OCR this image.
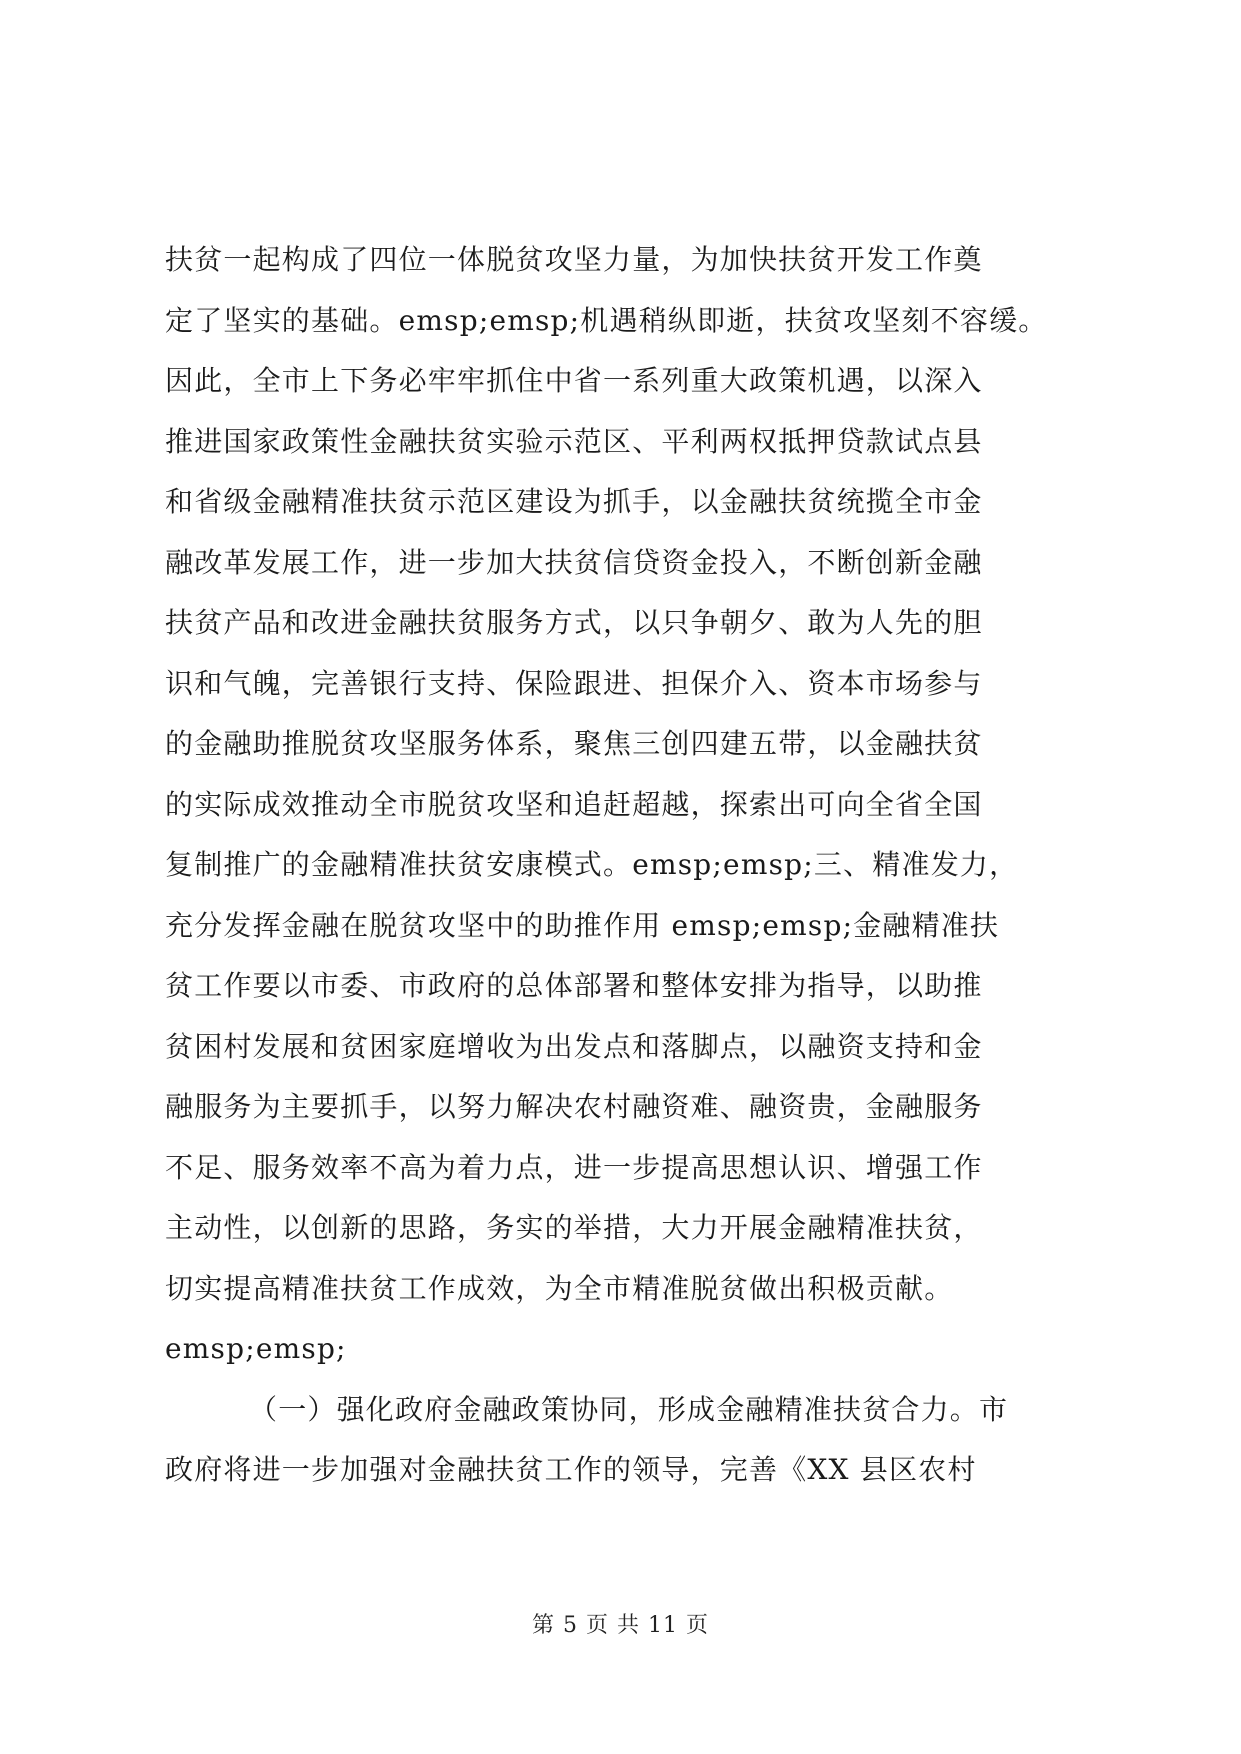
扶贫一起构成了四位一体脱贫攻坚力量，为加快扶贫开发工作奠
定了坚实的基础。emsp;emsp;机遇稍纵即逝，扶贫攻坚刻不容缓。
因此，全市上下务必牢牢抓住中省一系列重大政策机遇，以深入
推进国家政策性金融扶贫实验示范区、平利两权抵押贷款试点县
和省级金融精准扶贫示范区建设为抓手，以金融扶贫统揽全市金
融改革发展工作，进一步加大扶贫信贷资金投入，不断创新金融
扶贫产品和改进金融扶贫服务方式，以只争朝夕、敢为人先的胆
识和气魄，完善银行支持、保险跟进、担保介入、资本市场参与
的金融助推脱贫攻坚服务体系，聚焦三创四建五带，以金融扶贫
的实际成效推动全市脱贫攻坚和追赶超越，探索出可向全省全国
复制推广的金融精准扶贫安康模式。emsp;emsp;三、精准发力，
充分发挥金融在脱贫攻坚中的助推作用 emsp;emsp;金融精准扶
贫工作要以市委、市政府的总体部署和整体安排为指导，以助推
贫困村发展和贫困家庭增收为出发点和落脚点，以融资支持和金
融服务为主要抓手，以努力解决农村融资难、融资贵，金融服务
不足、服务效率不高为着力点，进一步提高思想认识、增强工作
主动性，以创新的思路，务实的举措，大力开展金融精准扶贫，
切实提高精准扶贫工作成效，为全市精准脱贫做出积极贡献。
emsp;emsp;
（一）强化政府金融政策协同，形成金融精准扶贫合力。市
政府将进一步加强对金融扶贫工作的领导，完善《XX 县区农村
第 5 页 共 11 页
